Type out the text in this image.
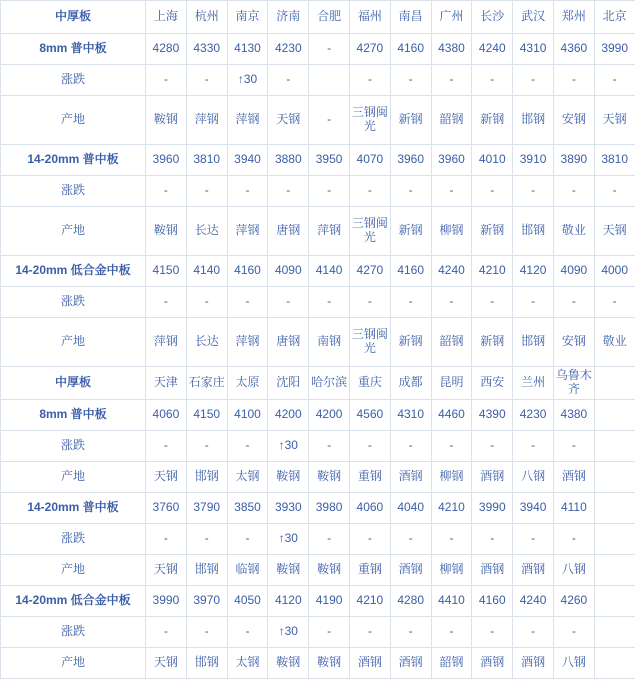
中厚板	上海	杭州	南京	济南	合肥	福州	南昌	广州	长沙	武汉	郑州	北京
8mm 普中板	4280	4330	4130	4230	-	4270	4160	4380	4240	4310	4360	3990
涨跌	-	-	↑30	-		-	-	-	-	-	-	-
产地	鞍钢	萍钢	萍钢	天钢	-	三钢闽光	新钢	韶钢	新钢	邯钢	安钢	天钢
14-20mm 普中板	3960	3810	3940	3880	3950	4070	3960	3960	4010	3910	3890	3810
涨跌	-	-	-	-	-	-	-	-	-	-	-	-
产地	鞍钢	长达	萍钢	唐钢	萍钢	三钢闽光	新钢	柳钢	新钢	邯钢	敬业	天钢
14-20mm 低合金中板	4150	4140	4160	4090	4140	4270	4160	4240	4210	4120	4090	4000
涨跌	-	-	-	-	-	-	-	-	-	-	-	-
产地	萍钢	长达	萍钢	唐钢	南钢	三钢闽光	新钢	韶钢	新钢	邯钢	安钢	敬业
中厚板	天津	石家庄	太原	沈阳	哈尔滨	重庆	成都	昆明	西安	兰州	乌鲁木齐	
8mm 普中板	4060	4150	4100	4200	4200	4560	4310	4460	4390	4230	4380	
涨跌	-	-	-	↑30	-	-	-	-	-	-	-	
产地	天钢	邯钢	太钢	鞍钢	鞍钢	重钢	酒钢	柳钢	酒钢	八钢	酒钢	
14-20mm 普中板	3760	3790	3850	3930	3980	4060	4040	4210	3990	3940	4110	
涨跌	-	-	-	↑30	-	-	-	-	-	-	-	
产地	天钢	邯钢	临钢	鞍钢	鞍钢	重钢	酒钢	柳钢	酒钢	酒钢	八钢	
14-20mm 低合金中板	3990	3970	4050	4120	4190	4210	4280	4410	4160	4240	4260	
涨跌	-	-	-	↑30	-	-	-	-	-	-	-	
产地	天钢	邯钢	太钢	鞍钢	鞍钢	酒钢	酒钢	韶钢	酒钢	酒钢	八钢	
